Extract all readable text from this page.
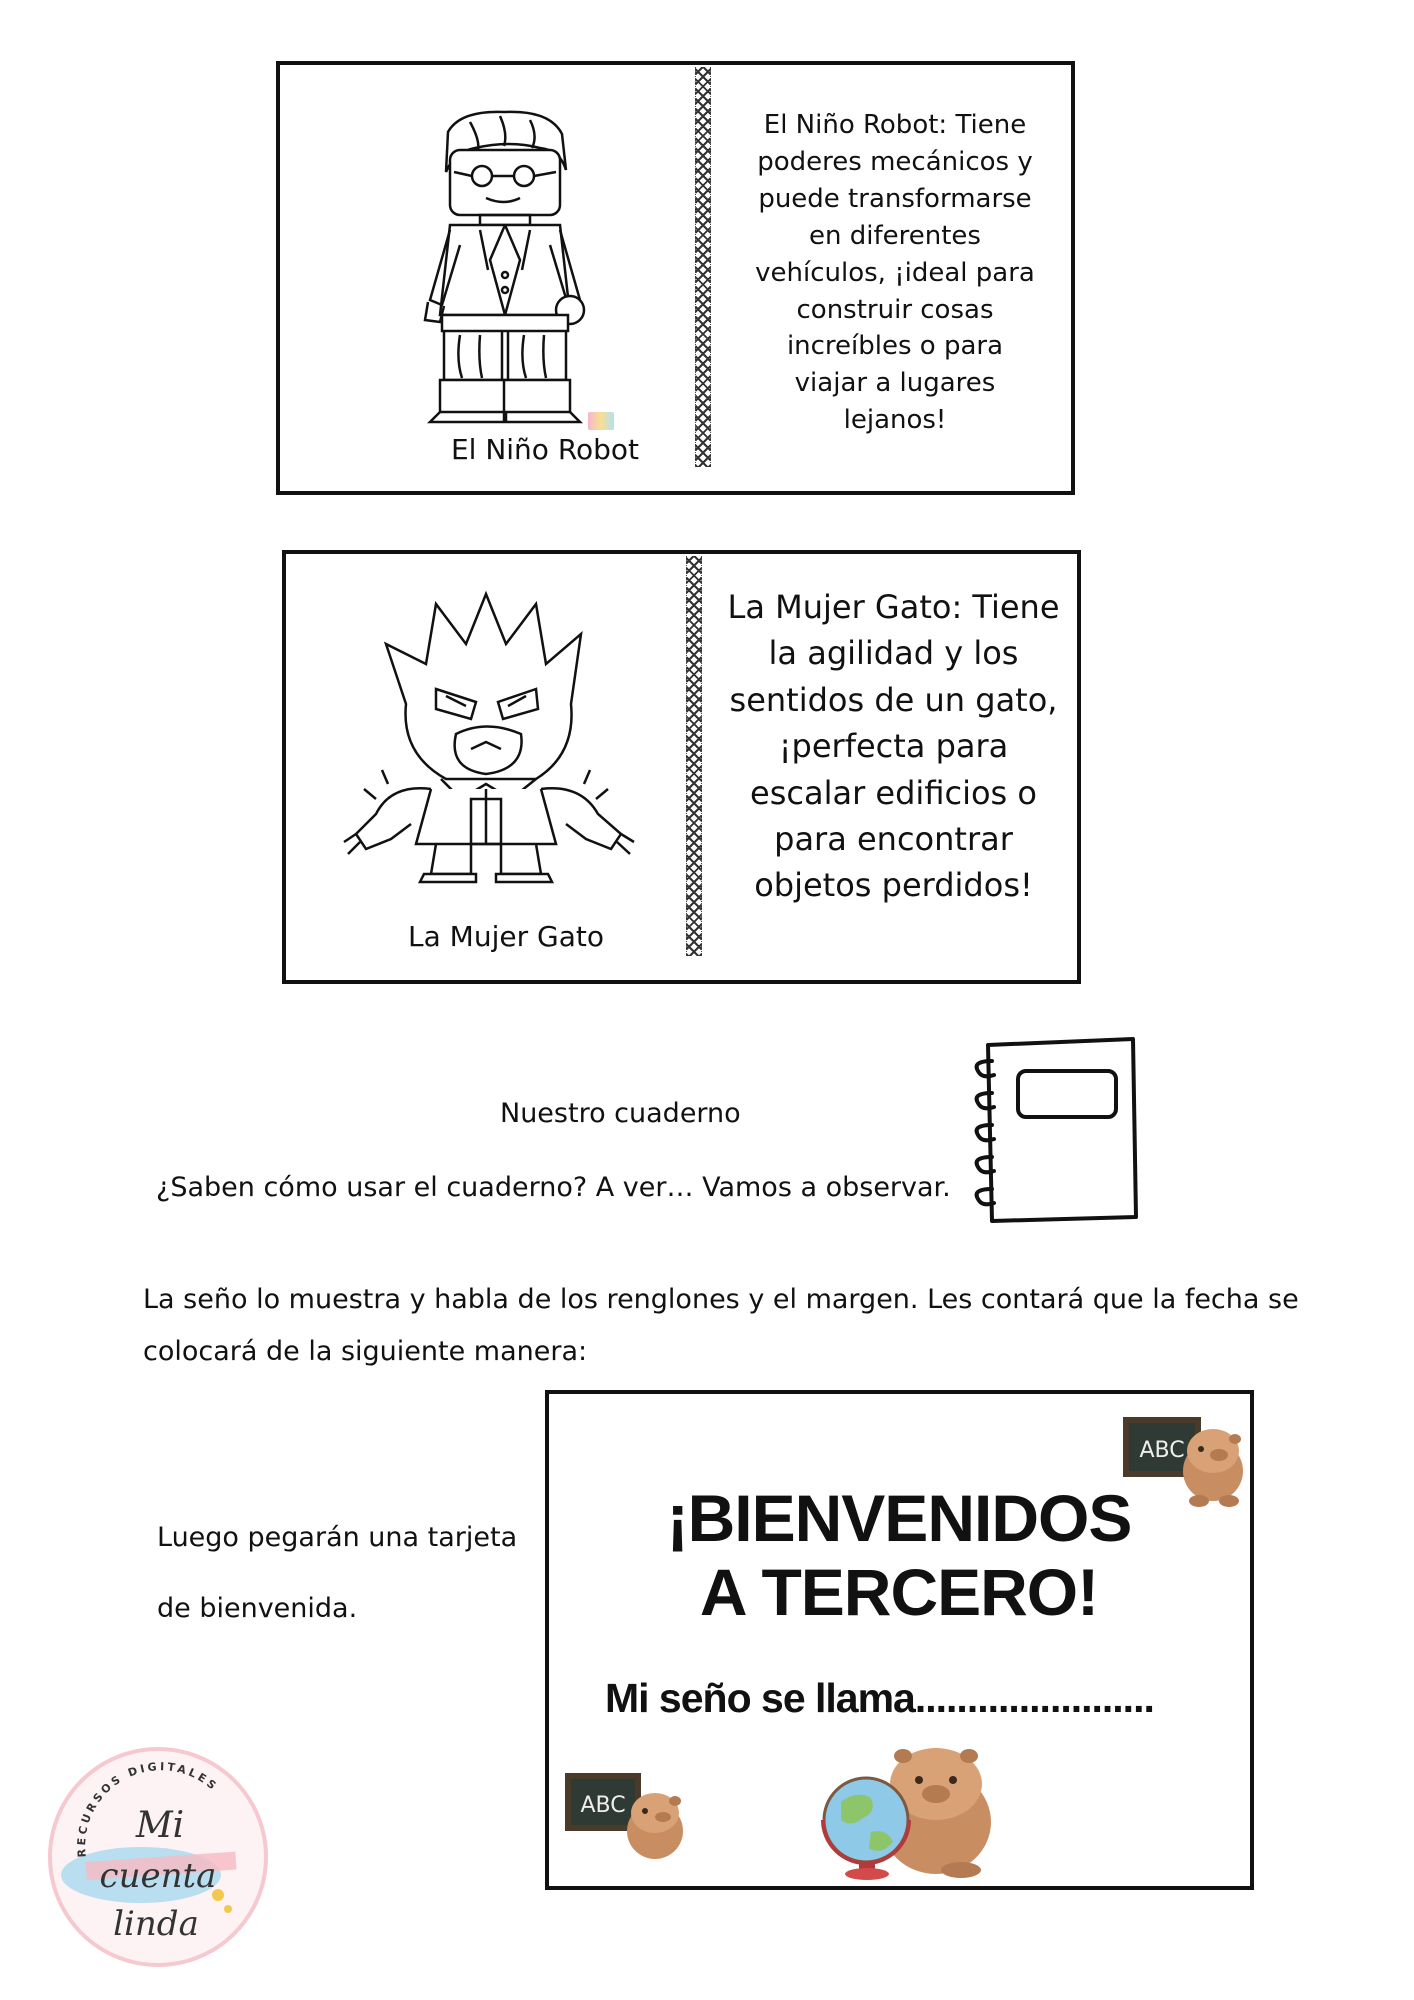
El Niño Robot
El Niño Robot: Tiene poderes mecánicos y puede transformarse en diferentes vehículos, ¡ideal para construir cosas increíbles o para viajar a lugares lejanos!
La Mujer Gato
La Mujer Gato: Tiene la agilidad y los sentidos de un gato, ¡perfecta para escalar edificios o para encontrar objetos perdidos!
Nuestro cuaderno
¿Saben cómo usar el cuaderno? A ver… Vamos a observar.
La seño lo muestra y habla de los renglones y el margen. Les contará que la fecha se
colocará de la siguiente manera:
Luego pegarán una tarjeta
de bienvenida.
ABC
¡BIENVENIDOS
A TERCERO!
Mi seño se llama.......................
ABC
RECURSOS DIGITALES
Mi
cuenta
linda
